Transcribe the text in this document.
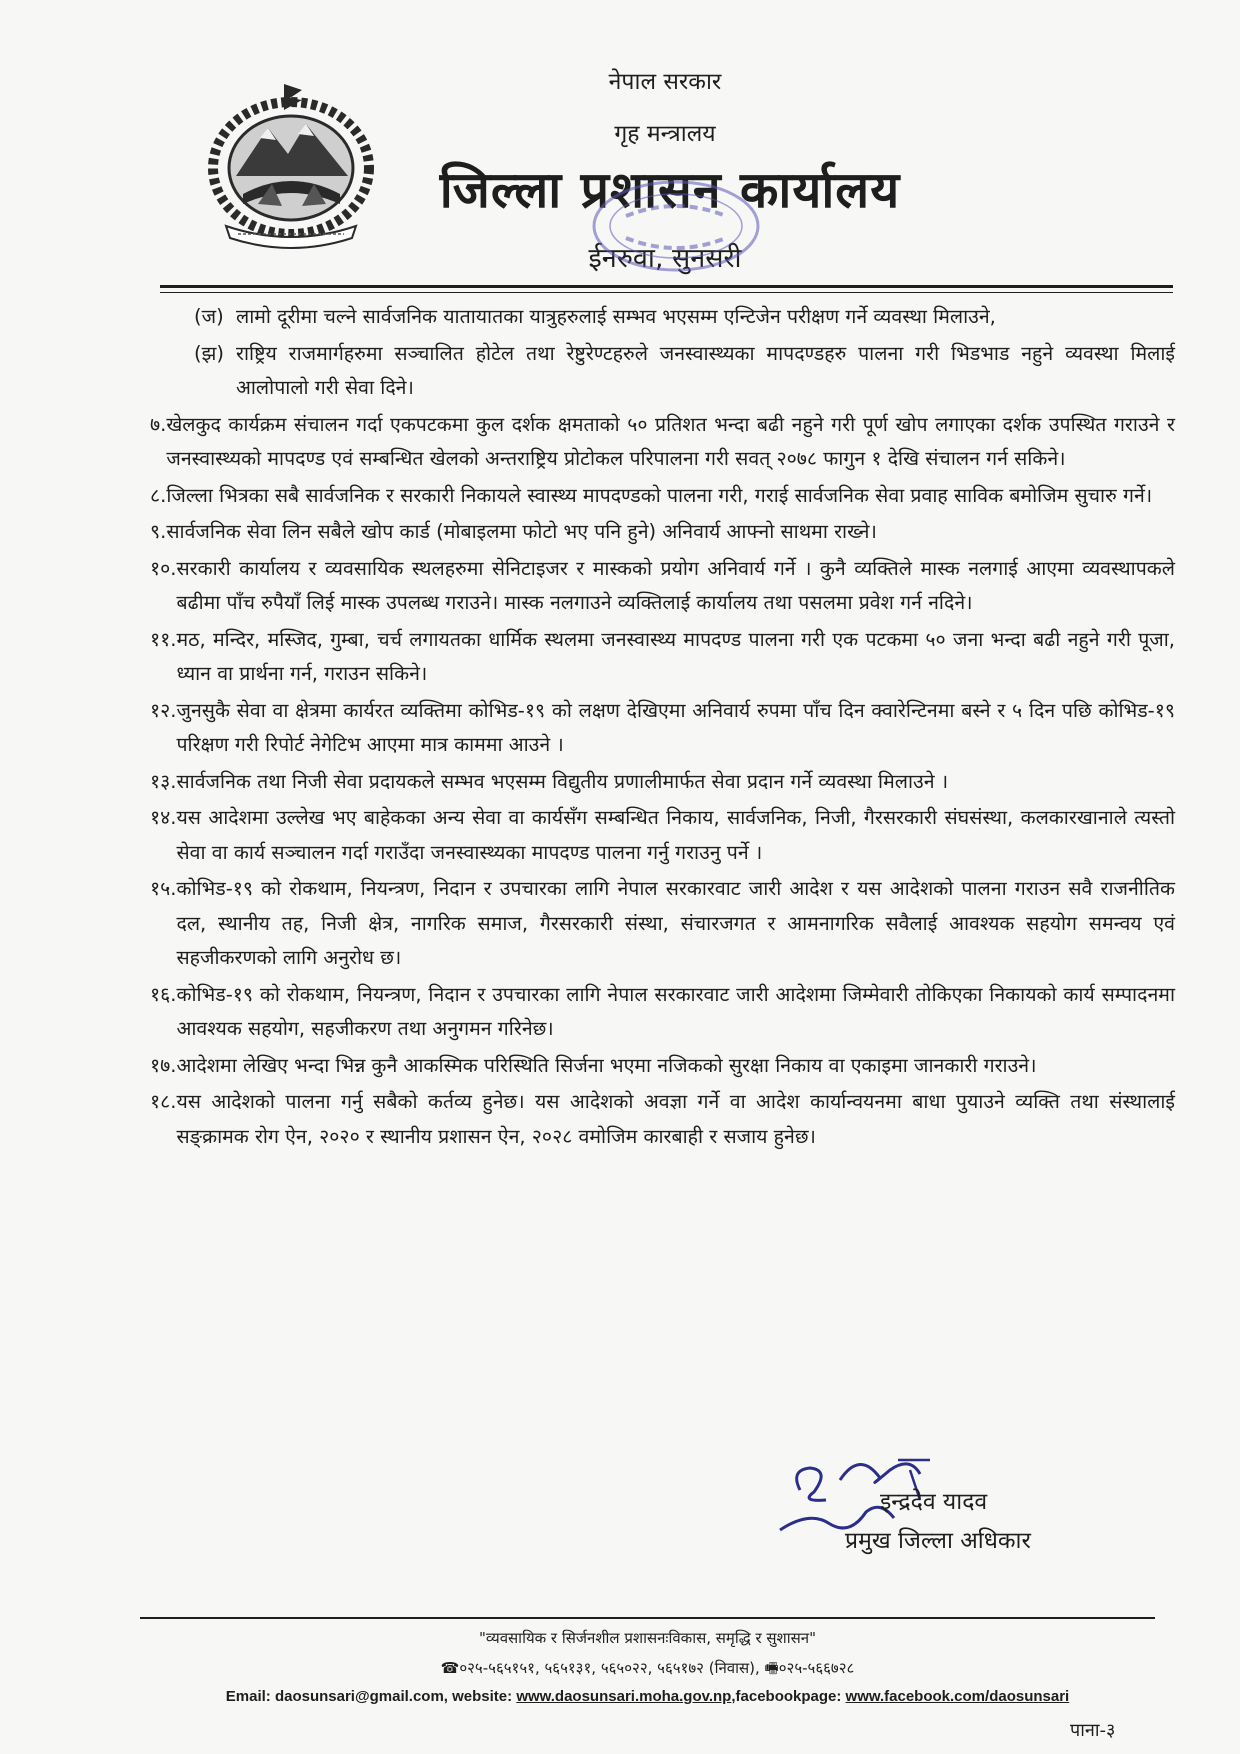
नेपाल सरकार
गृह मन्त्रालय
जिल्ला प्रशासन कार्यालय
ईनरुवा, सुनसरी
(ज) लामो दूरीमा चल्ने सार्वजनिक यातायातका यात्रुहरुलाई सम्भव भएसम्म एन्टिजेन परीक्षण गर्ने व्यवस्था मिलाउने,
(झ) राष्ट्रिय राजमार्गहरुमा सञ्चालित होटेल तथा रेष्टुरेण्टहरुले जनस्वास्थ्यका मापदण्डहरु पालना गरी भिडभाड नहुने व्यवस्था मिलाई आलोपालो गरी सेवा दिने।
७. खेलकुद कार्यक्रम संचालन गर्दा एकपटकमा कुल दर्शक क्षमताको ५० प्रतिशत भन्दा बढी नहुने गरी पूर्ण खोप लगाएका दर्शक उपस्थित गराउने र जनस्वास्थ्यको मापदण्ड एवं सम्बन्धित खेलको अन्तराष्ट्रिय प्रोटोकल परिपालना गरी सवत् २०७८ फागुन १ देखि संचालन गर्न सकिने।
८. जिल्ला भित्रका सबै सार्वजनिक र सरकारी निकायले स्वास्थ्य मापदण्डको पालना गरी, गराई सार्वजनिक सेवा प्रवाह साविक बमोजिम सुचारु गर्ने।
९. सार्वजनिक सेवा लिन सबैले खोप कार्ड (मोबाइलमा फोटो भए पनि हुने) अनिवार्य आफ्नो साथमा राख्ने।
१०. सरकारी कार्यालय र व्यवसायिक स्थलहरुमा सेनिटाइजर र मास्कको प्रयोग अनिवार्य गर्ने । कुनै व्यक्तिले मास्क नलगाई आएमा व्यवस्थापकले बढीमा पाँच रुपैयाँ लिई मास्क उपलब्ध गराउने। मास्क नलगाउने व्यक्तिलाई कार्यालय तथा पसलमा प्रवेश गर्न नदिने।
११. मठ, मन्दिर, मस्जिद, गुम्बा, चर्च लगायतका धार्मिक स्थलमा जनस्वास्थ्य मापदण्ड पालना गरी एक पटकमा ५० जना भन्दा बढी नहुने गरी पूजा, ध्यान वा प्रार्थना गर्न, गराउन सकिने।
१२. जुनसुकै सेवा वा क्षेत्रमा कार्यरत व्यक्तिमा कोभिड-१९ को लक्षण देखिएमा अनिवार्य रुपमा पाँच दिन क्वारेन्टिनमा बस्ने र ५ दिन पछि कोभिड-१९ परिक्षण गरी रिपोर्ट नेगेटिभ आएमा मात्र काममा आउने ।
१३. सार्वजनिक तथा निजी सेवा प्रदायकले सम्भव भएसम्म विद्युतीय प्रणालीमार्फत सेवा प्रदान गर्ने व्यवस्था मिलाउने ।
१४. यस आदेशमा उल्लेख भए बाहेकका अन्य सेवा वा कार्यसँग सम्बन्धित निकाय, सार्वजनिक, निजी, गैरसरकारी संघसंस्था, कलकारखानाले त्यस्तो सेवा वा कार्य सञ्चालन गर्दा गराउँदा जनस्वास्थ्यका मापदण्ड पालना गर्नु गराउनु पर्ने ।
१५. कोभिड-१९ को रोकथाम, नियन्त्रण, निदान र उपचारका लागि नेपाल सरकारवाट जारी आदेश र यस आदेशको पालना गराउन सवै राजनीतिक दल, स्थानीय तह, निजी क्षेत्र, नागरिक समाज, गैरसरकारी संस्था, संचारजगत र आमनागरिक सवैलाई आवश्यक सहयोग समन्वय एवं सहजीकरणको लागि अनुरोध छ।
१६. कोभिड-१९ को रोकथाम, नियन्त्रण, निदान र उपचारका लागि नेपाल सरकारवाट जारी आदेशमा जिम्मेवारी तोकिएका निकायको कार्य सम्पादनमा आवश्यक सहयोग, सहजीकरण तथा अनुगमन गरिनेछ।
१७. आदेशमा लेखिए भन्दा भिन्न कुनै आकस्मिक परिस्थिति सिर्जना भएमा नजिकको सुरक्षा निकाय वा एकाइमा जानकारी गराउने।
१८. यस आदेशको पालना गर्नु सबैको कर्तव्य हुनेछ। यस आदेशको अवज्ञा गर्ने वा आदेश कार्यान्वयनमा बाधा पुयाउने व्यक्ति तथा संस्थालाई सङ्क्रामक रोग ऐन, २०२० र स्थानीय प्रशासन ऐन, २०२८ वमोजिम कारबाही र सजाय हुनेछ।
इन्द्रदेव यादव
प्रमुख जिल्ला अधिकार
"व्यवसायिक र सिर्जनशील प्रशासनःविकास, समृद्धि र सुशासन"
☎०२५-५६५१५१, ५६५१३१, ५६५०२२, ५६५१७२ (निवास), 🖷०२५-५६६७२८
Email: daosunsari@gmail.com, website: www.daosunsari.moha.gov.np,facebookpage: www.facebook.com/daosunsari
पाना-३
